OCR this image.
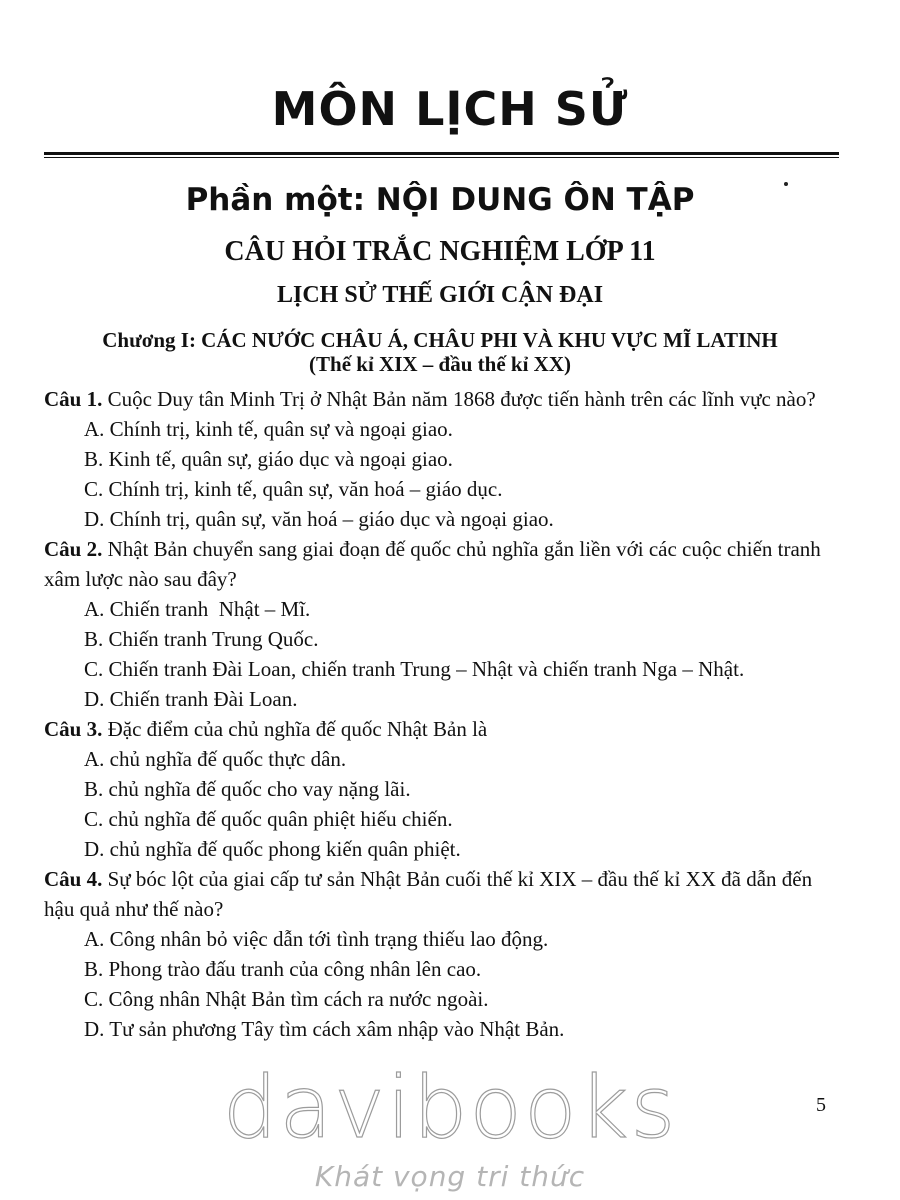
MÔN LỊCH SỬ
Phần một: NỘI DUNG ÔN TẬP
CÂU HỎI TRẮC NGHIỆM LỚP 11
LỊCH SỬ THẾ GIỚI CẬN ĐẠI
Chương I: CÁC NƯỚC CHÂU Á, CHÂU PHI VÀ KHU VỰC MĨ LATINH
(Thế kỉ XIX – đầu thế kỉ XX)

Câu 1. Cuộc Duy tân Minh Trị ở Nhật Bản năm 1868 được tiến hành trên các lĩnh vực nào?

A. Chính trị, kinh tế, quân sự và ngoại giao.
B. Kinh tế, quân sự, giáo dục và ngoại giao.
C. Chính trị, kinh tế, quân sự, văn hoá – giáo dục.
D. Chính trị, quân sự, văn hoá – giáo dục và ngoại giao.

Câu 2. Nhật Bản chuyển sang giai đoạn đế quốc chủ nghĩa gắn liền với các cuộc chiến tranh xâm lược nào sau đây?

A. Chiến tranh  Nhật – Mĩ.
B. Chiến tranh Trung Quốc.
C. Chiến tranh Đài Loan, chiến tranh Trung – Nhật và chiến tranh Nga – Nhật.
D. Chiến tranh Đài Loan.

Câu 3. Đặc điểm của chủ nghĩa đế quốc Nhật Bản là

A. chủ nghĩa đế quốc thực dân.
B. chủ nghĩa đế quốc cho vay nặng lãi.
C. chủ nghĩa đế quốc quân phiệt hiếu chiến.
D. chủ nghĩa đế quốc phong kiến quân phiệt.

Câu 4. Sự bóc lột của giai cấp tư sản Nhật Bản cuối thế kỉ XIX – đầu thế kỉ XX đã dẫn đến hậu quả như thế nào?

A. Công nhân bỏ việc dẫn tới tình trạng thiếu lao động.
B. Phong trào đấu tranh của công nhân lên cao.
C. Công nhân Nhật Bản tìm cách ra nước ngoài.
D. Tư sản phương Tây tìm cách xâm nhập vào Nhật Bản.
5
davibooks
Khát vọng tri thức
